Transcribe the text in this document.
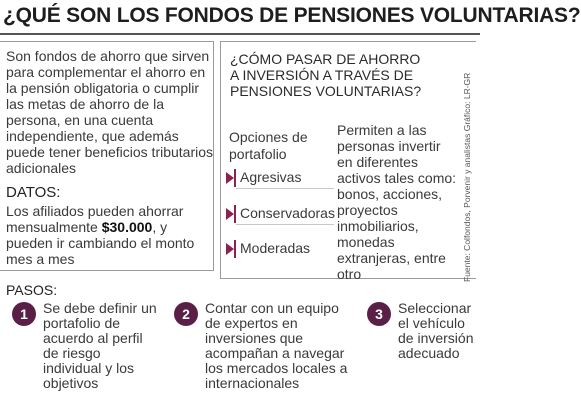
¿QUÉ SON LOS FONDOS DE PENSIONES VOLUNTARIAS?
Son fondos de ahorro que sirven para complementar el ahorro en la pensión obligatoria o cumplir las metas de ahorro de la persona, en una cuenta independiente, que además puede tener beneficios tributarios adicionales
DATOS:
Los afiliados pueden ahorrar mensualmente $30.000, y pueden ir cambiando el monto mes a mes
¿CÓMO PASAR DE AHORRO A INVERSIÓN A TRAVÉS DE PENSIONES VOLUNTARIAS?
Opciones de portafolio
Agresivas
Conservadoras
Moderadas
Permiten a las personas invertir en diferentes activos tales como: bonos, acciones, proyectos inmobiliarios, monedas extranjeras, entre otro	Fuente: Colfondos, Porvenir y analistas Gráfico: LR-GR
PASOS:
1	Se debe definir un portafolio de acuerdo al perfil de riesgo individual y los objetivos
2	Contar con un equipo de expertos en inversiones que acompañan a navegar los mercados locales a internacionales
3	Seleccionar el vehículo de inversión adecuado
